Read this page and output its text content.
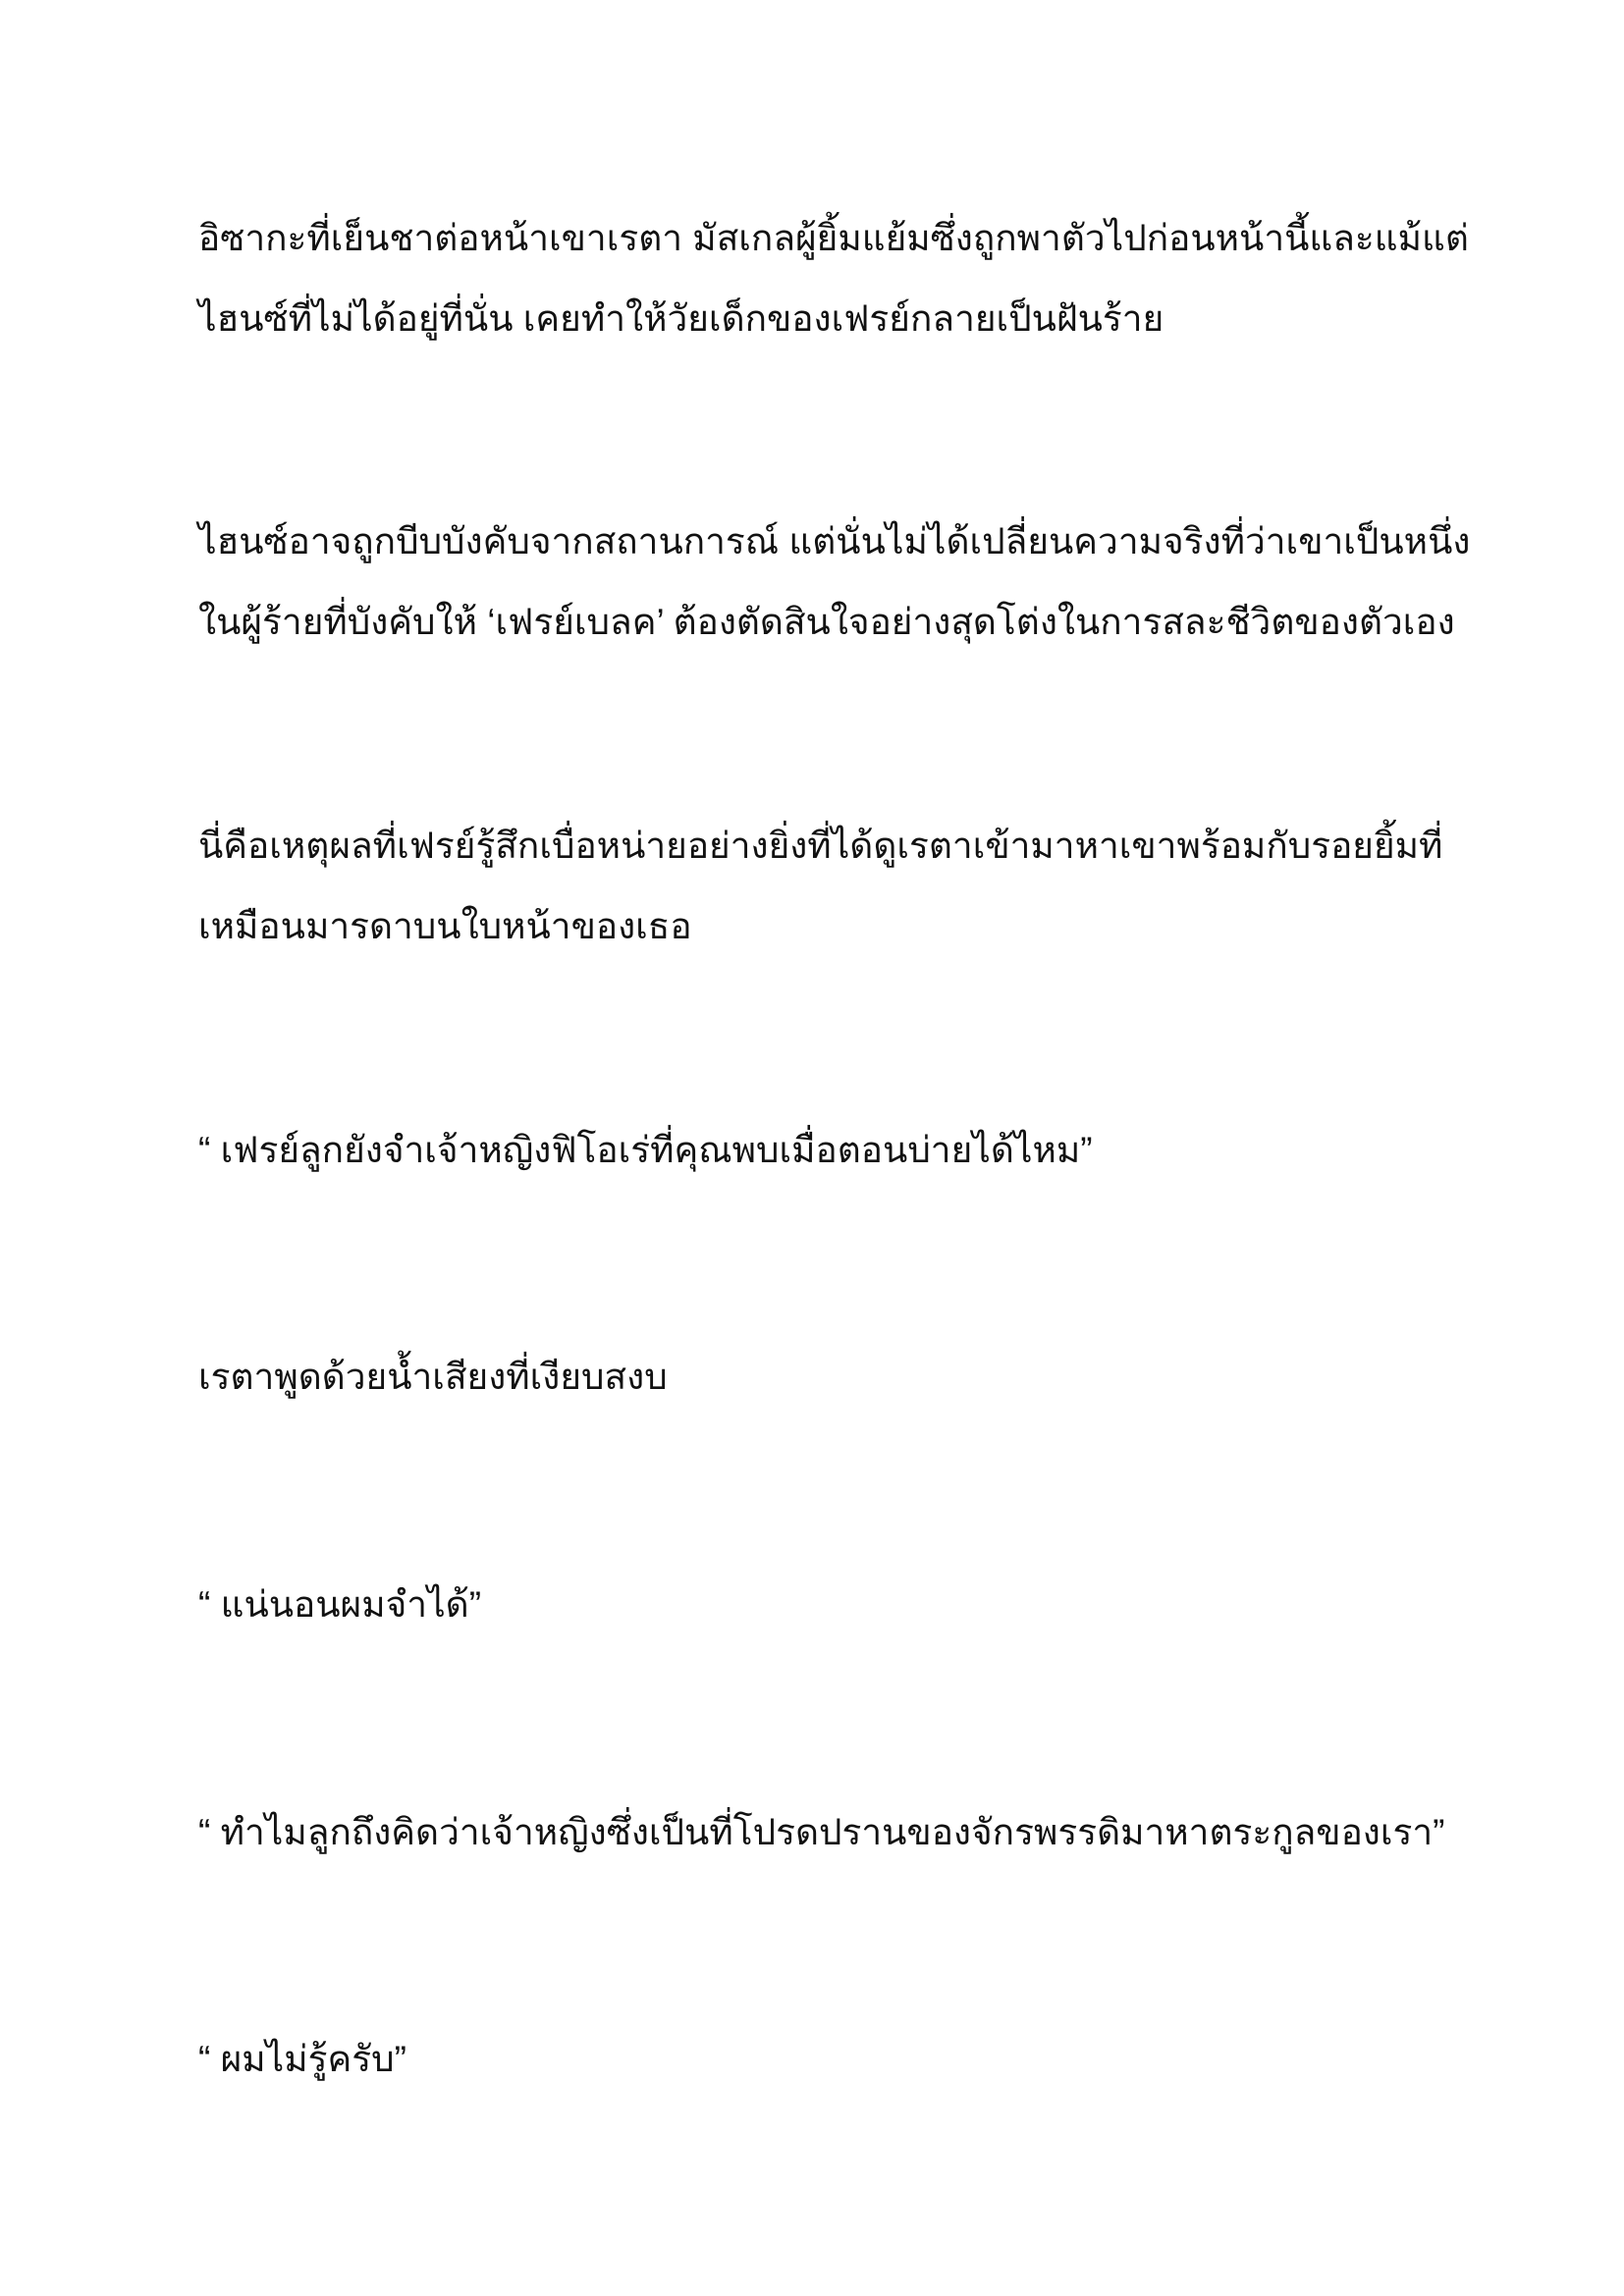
อิซากะที่เย็นชาต่อหน้าเขาเรตา มัสเกลผู้ยิ้มแย้มซึ่งถูกพาตัวไปก่อนหน้านี้และแม้แต่
ไฮนซ์ที่ไม่ได้อยู่ที่นั่น เคยทำให้วัยเด็กของเฟรย์กลายเป็นฝันร้าย

ไฮนซ์อาจถูกบีบบังคับจากสถานการณ์ แต่นั่นไม่ได้เปลี่ยนความจริงที่ว่าเขาเป็นหนึ่ง
ในผู้ร้ายที่บังคับให้ ‘เฟรย์เบลค’ ต้องตัดสินใจอย่างสุดโต่งในการสละชีวิตของตัวเอง

นี่คือเหตุผลที่เฟรย์รู้สึกเบื่อหน่ายอย่างยิ่งที่ได้ดูเรตาเข้ามาหาเขาพร้อมกับรอยยิ้มที่
เหมือนมารดาบนใบหน้าของเธอ

“ เฟรย์ลูกยังจำเจ้าหญิงฟิโอเร่ที่คุณพบเมื่อตอนบ่ายได้ไหม”

เรตาพูดด้วยน้ำเสียงที่เงียบสงบ

“ แน่นอนผมจำได้”

“ ทำไมลูกถึงคิดว่าเจ้าหญิงซึ่งเป็นที่โปรดปรานของจักรพรรดิมาหาตระกูลของเรา”

“ ผมไม่รู้ครับ”
